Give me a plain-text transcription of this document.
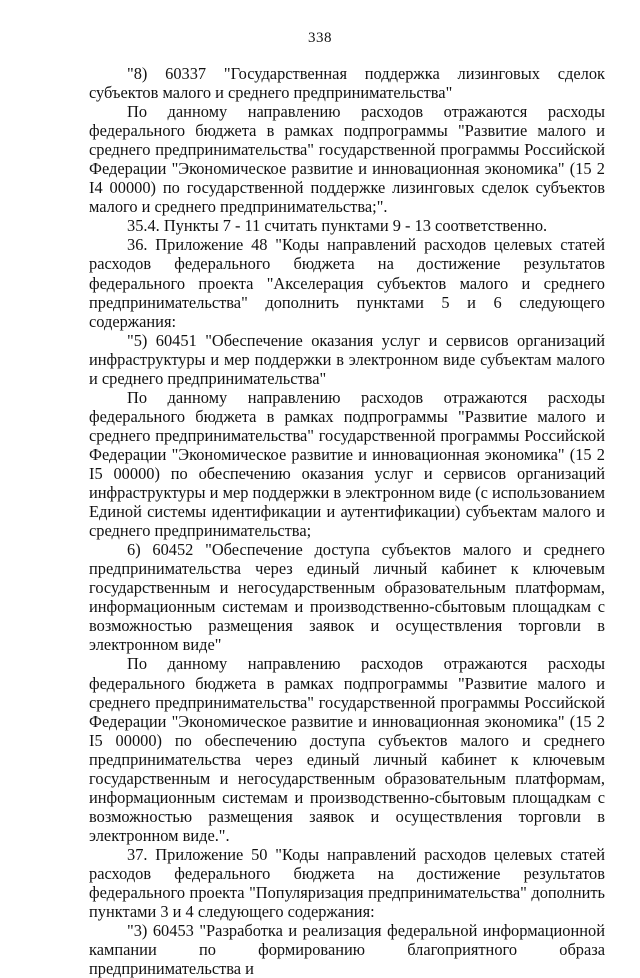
338

"8) 60337 "Государственная поддержка лизинговых сделок субъектов малого и среднего предпринимательства"

По данному направлению расходов отражаются расходы федерального бюджета в рамках подпрограммы "Развитие малого и среднего предпринимательства" государственной программы Российской Федерации "Экономическое развитие и инновационная экономика" (15 2 I4 00000) по государственной поддержке лизинговых сделок субъектов малого и среднего предпринимательства;".

35.4. Пункты 7 - 11 считать пунктами 9 - 13 соответственно.

36. Приложение 48 "Коды направлений расходов целевых статей расходов федерального бюджета на достижение результатов федерального проекта "Акселерация субъектов малого и среднего предпринимательства" дополнить пунктами 5 и 6 следующего содержания:

"5) 60451 "Обеспечение оказания услуг и сервисов организаций инфраструктуры и мер поддержки в электронном виде субъектам малого и среднего предпринимательства"

По данному направлению расходов отражаются расходы федерального бюджета в рамках подпрограммы "Развитие малого и среднего предпринимательства" государственной программы Российской Федерации "Экономическое развитие и инновационная экономика" (15 2 I5 00000) по обеспечению оказания услуг и сервисов организаций инфраструктуры и мер поддержки в электронном виде (с использованием Единой системы идентификации и аутентификации) субъектам малого и среднего предпринимательства;

6) 60452 "Обеспечение доступа субъектов малого и среднего предпринимательства через единый личный кабинет к ключевым государственным и негосударственным образовательным платформам, информационным системам и производственно-сбытовым площадкам с возможностью размещения заявок и осуществления торговли в электронном виде"

По данному направлению расходов отражаются расходы федерального бюджета в рамках подпрограммы "Развитие малого и среднего предпринимательства" государственной программы Российской Федерации "Экономическое развитие и инновационная экономика" (15 2 I5 00000) по обеспечению доступа субъектов малого и среднего предпринимательства через единый личный кабинет к ключевым государственным и негосударственным образовательным платформам, информационным системам и производственно-сбытовым площадкам с возможностью размещения заявок и осуществления торговли в электронном виде.".

37. Приложение 50 "Коды направлений расходов целевых статей расходов федерального бюджета на достижение результатов федерального проекта "Популяризация предпринимательства" дополнить пунктами 3 и 4 следующего содержания:

"3) 60453 "Разработка и реализация федеральной информационной кампании по формированию благоприятного образа предпринимательства и
